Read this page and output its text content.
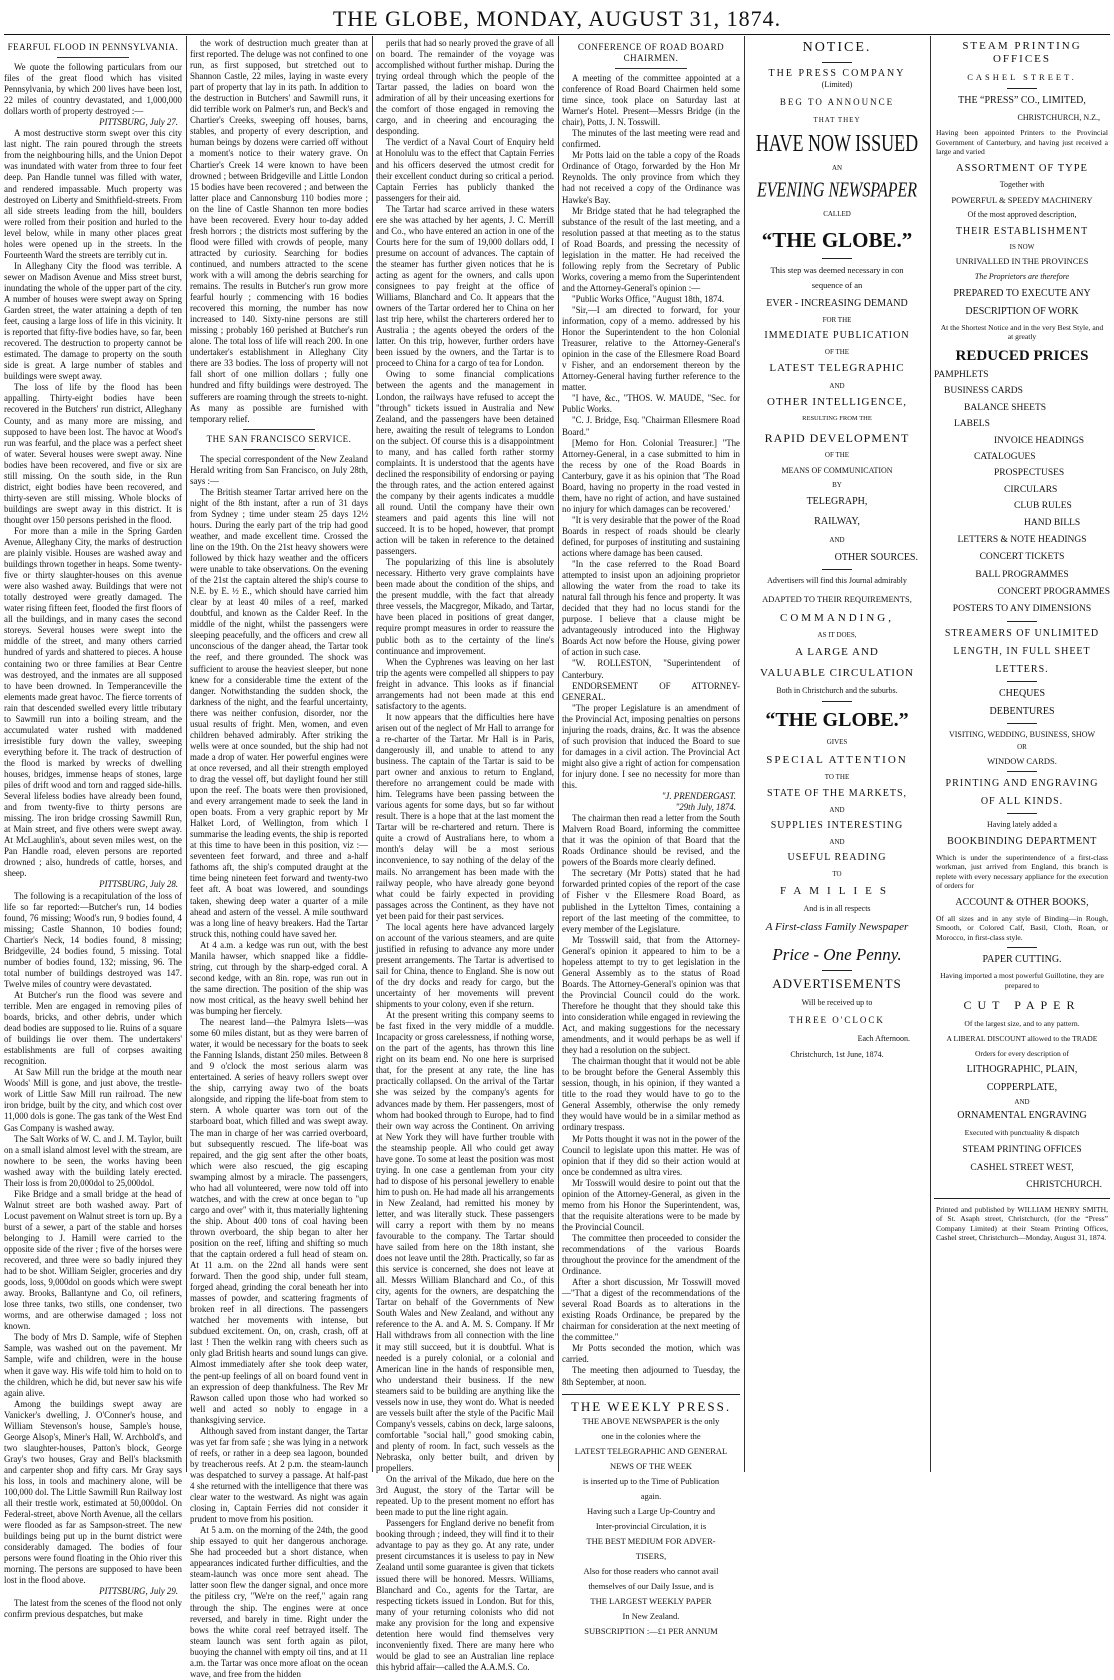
THE GLOBE, MONDAY, AUGUST 31, 1874.
FEARFUL FLOOD IN PENNSYLVANIA.

We quote the following particulars from our files of the great flood which has visited Pennsylvania, by which 200 lives have been lost, 22 miles of country devastated, and 1,000,000 dollars worth of property destroyed :—

PITTSBURG, July 27.

A most destructive storm swept over this city last night. The rain poured through the streets from the neighbouring hills, and the Union Depot was inundated with water from three to four feet deep. Pan Handle tunnel was filled with water, and rendered impassable. Much property was destroyed on Liberty and Smithfield-streets. From all side streets leading from the hill, boulders were rolled from their position and hurled to the level below, while in many other places great holes were opened up in the streets. In the Fourteenth Ward the streets are terribly cut in.

In Alleghany City the flood was terrible. A sewer on Madison Avenue and Miss street burst, inundating the whole of the upper part of the city. A number of houses were swept away on Spring Garden street, the water attaining a depth of ten feet, causing a large loss of life in this vicinity. It is reported that fifty-five bodies have, so far, been recovered. The destruction to property cannot be estimated. The damage to property on the south side is great. A large number of stables and buildings were swept away.

The loss of life by the flood has been appalling. Thirty-eight bodies have been recovered in the Butchers' run district, Alleghany County, and as many more are missing, and supposed to have been lost. The havoc at Wood's run was fearful, and the place was a perfect sheet of water. Several houses were swept away. Nine bodies have been recovered, and five or six are still missing. On the south side, in the Run district, eight bodies have been recovered, and thirty-seven are still missing. Whole blocks of buildings are swept away in this district. It is thought over 150 persons perished in the flood.

For more than a mile in the Spring Garden Avenue, Alleghany City, the marks of destruction are plainly visible. Houses are washed away and buildings thrown together in heaps. Some twenty-five or thirty slaughter-houses on this avenue were also washed away. Buildings that were not totally destroyed were greatly damaged. The water rising fifteen feet, flooded the first floors of all the buildings, and in many cases the second storeys. Several houses were swept into the middle of the street, and many others carried hundred of yards and shattered to pieces. A house containing two or three families at Bear Centre was destroyed, and the inmates are all supposed to have been drowned. In Temperanceville the elements made great havoc. The fierce torrents of rain that descended swelled every little tributary to Sawmill run into a boiling stream, and the accumulated water rushed with maddened irresistible fury down the valley, sweeping everything before it. The track of destruction of the flood is marked by wrecks of dwelling houses, bridges, immense heaps of stones, large piles of drift wood and torn and ragged side-hills. Several lifeless bodies have already been found, and from twenty-five to thirty persons are missing. The iron bridge crossing Sawmill Run, at Main street, and five others were swept away. At McLaughlin's, about seven miles west, on the Pan Handle road, eleven persons are reported drowned ; also, hundreds of cattle, horses, and sheep.

PITTSBURG, July 28.

The following is a recapitulation of the loss of life so far reported:—Butcher's run, 14 bodies found, 76 missing; Wood's run, 9 bodies found, 4 missing; Castle Shannon, 10 bodies found; Chartier's Neck, 14 bodies found, 8 missing; Bridgeville, 24 bodies found, 5 missing. Total number of bodies found, 132; missing, 96. The total number of buildings destroyed was 147. Twelve miles of country were devastated.

At Butcher's run the flood was severe and terrible. Men are engaged in removing piles of boards, bricks, and other debris, under which dead bodies are supposed to lie. Ruins of a square of buildings lie over them. The undertakers' establishments are full of corpses awaiting recognition.

At Saw Mill run the bridge at the mouth near Woods' Mill is gone, and just above, the trestle-work of Little Saw Mill run railroad. The new iron bridge, built by the city, and which cost over 11,000 dols is gone. The gas tank of the West End Gas Company is washed away.

The Salt Works of W. C. and J. M. Taylor, built on a small island almost level with the stream, are nowhere to be seen, the works having been washed away with the building lately erected. Their loss is from 20,000dol to 25,000dol.

Fike Bridge and a small bridge at the head of Walnut street are both washed away. Part of Locust pavement on Walnut street is torn up. By a burst of a sewer, a part of the stable and horses belonging to J. Hamill were carried to the opposite side of the river ; five of the horses were recovered, and three were so badly injured they had to be shot. William Seigler, groceries and dry goods, loss, 9,000dol on goods which were swept away. Brooks, Ballantyne and Co, oil refiners, lose three tanks, two stills, one condenser, two worms, and are otherwise damaged ; loss not known.

The body of Mrs D. Sample, wife of Stephen Sample, was washed out on the pavement. Mr Sample, wife and children, were in the house when it gave way. His wife told him to hold on to the children, which he did, but never saw his wife again alive.

Among the buildings swept away are Vanicker's dwelling, J. O'Conner's house, and William Stevenson's house, Sample's house, George Alsop's, Miner's Hall, W. Archbold's, and two slaughter-houses, Patton's block, George Gray's two houses, Gray and Bell's blacksmith and carpenter shop and fifty cars. Mr Gray says his loss, in tools and machinery alone, will be 100,000 dol. The Little Sawmill Run Railway lost all their trestle work, estimated at 50,000dol. On Federal-street, above North Avenue, all the cellars were flooded as far as Sampson-street. The new buildings being put up in the burnt district were considerably damaged. The bodies of four persons were found floating in the Ohio river this morning. The persons are supposed to have been lost in the flood above.

PITTSBURG, July 29.

The latest from the scenes of the flood not only confirm previous despatches, but make

the work of destruction much greater than at first reported. The deluge was not confined to one run, as first supposed, but stretched out to Shannon Castle, 22 miles, laying in waste every part of property that lay in its path. In addition to the destruction in Butchers' and Sawmill runs, it did terrible work on Palmer's run, and Beck's and Chartier's Creeks, sweeping off houses, barns, stables, and property of every description, and human beings by dozens were carried off without a moment's notice to their watery grave. On Chartier's Creek 14 were known to have been drowned ; between Bridgeville and Little London 15 bodies have been recovered ; and between the latter place and Cannonsburg 110 bodies more ; on the line of Castle Shannon ten more bodies have been recovered. Every hour to-day added fresh horrors ; the districts most suffering by the flood were filled with crowds of people, many attracted by curiosity. Searching for bodies continued, and numbers attracted to the scene work with a will among the debris searching for remains. The results in Butcher's run grow more fearful hourly ; commencing with 16 bodies recovered this morning, the number has now increased to 140. Sixty-nine persons are still missing ; probably 160 perished at Butcher's run alone. The total loss of life will reach 200. In one undertaker's establishment in Alleghany City there are 33 bodies. The loss of property will not fall short of one million dollars ; fully one hundred and fifty buildings were destroyed. The sufferers are roaming through the streets to-night. As many as possible are furnished with temporary relief.

THE SAN FRANCISCO SERVICE.

The special correspondent of the New Zealand Herald writing from San Francisco, on July 28th, says :—

The British steamer Tartar arrived here on the night of the 8th instant, after a run of 31 days from Sydney ; time under steam 25 days 12½ hours. During the early part of the trip had good weather, and made excellent time. Crossed the line on the 19th. On the 21st heavy showers were followed by thick hazy weather and the officers were unable to take observations. On the evening of the 21st the captain altered the ship's course to N.E. by E. ½ E., which should have carried him clear by at least 40 miles of a reef, marked doubtful, and known as the Calder Reef. In the middle of the night, whilst the passengers were sleeping peacefully, and the officers and crew all unconscious of the danger ahead, the Tartar took the reef, and there grounded. The shock was sufficient to arouse the heaviest sleeper, but none knew for a considerable time the extent of the danger. Notwithstanding the sudden shock, the darkness of the night, and the fearful uncertainty, there was neither confusion, disorder, nor the usual results of fright. Men, women, and even children behaved admirably. After striking the wells were at once sounded, but the ship had not made a drop of water. Her powerful engines were at once reversed, and all their strength employed to drag the vessel off, but daylight found her still upon the reef. The boats were then provisioned, and every arrangement made to seek the land in open boats. From a very graphic report by Mr Halket Lord, of Wellington, from which I summarise the leading events, the ship is reported at this time to have been in this position, viz :—seventeen feet forward, and three and a-half fathoms aft, the ship's computed draught at the time being nineteen feet forward and twenty-two feet aft. A boat was lowered, and soundings taken, shewing deep water a quarter of a mile ahead and astern of the vessel. A mile southward was a long line of heavy breakers. Had the Tartar struck this, nothing could have saved her.

At 4 a.m. a kedge was run out, with the best Manila hawser, which snapped like a fiddle-string, cut through by the sharp-edged coral. A second kedge, with an 8in. rope, was run out in the same direction. The position of the ship was now most critical, as the heavy swell behind her was bumping her fiercely.

The nearest land—the Palmyra Islets—was some 60 miles distant, but as they were barren of water, it would be necessary for the boats to seek the Fanning Islands, distant 250 miles. Between 8 and 9 o'clock the most serious alarm was entertained. A series of heavy rollers swept over the ship, carrying away two of the boats alongside, and ripping the life-boat from stem to stern. A whole quarter was torn out of the starboard boat, which filled and was swept away. The man in charge of her was carried overboard, but subsequently rescued. The life-boat was repaired, and the gig sent after the other boats, which were also rescued, the gig escaping swamping almost by a miracle. The passengers, who had all volunteered, were now told off into watches, and with the crew at once began to "up cargo and over" with it, thus materially lightening the ship. About 400 tons of coal having been thrown overboard, the ship began to alter her position on the reef, lifting and shifting so much that the captain ordered a full head of steam on. At 11 a.m. on the 22nd all hands were sent forward. Then the good ship, under full steam, forged ahead, grinding the coral beneath her into masses of powder, and scattering fragments of broken reef in all directions. The passengers watched her movements with intense, but subdued excitement. On, on, crash, crash, off at last ! Then the welkin rang with cheers such as only glad British hearts and sound lungs can give. Almost immediately after she took deep water, the pent-up feelings of all on board found vent in an expression of deep thankfulness. The Rev Mr Rawson called upon those who had worked so well and acted so nobly to engage in a thanksgiving service.

Although saved from instant danger, the Tartar was yet far from safe ; she was lying in a network of reefs, or rather in a deep sea lagoon, bounded by treacherous reefs. At 2 p.m. the steam-launch was despatched to survey a passage. At half-past 4 she returned with the intelligence that there was clear water to the westward. As night was again closing in, Captain Ferries did not consider it prudent to move from his position.

At 5 a.m. on the morning of the 24th, the good ship essayed to quit her dangerous anchorage. She had proceeded but a short distance, when appearances indicated further difficulties, and the steam-launch was once more sent ahead. The latter soon flew the danger signal, and once more the pitiless cry, "We're on the reef," again rang through the ship. The engines were at once reversed, and barely in time. Right under the bows the white coral reef betrayed itself. The steam launch was sent forth again as pilot, buoying the channel with empty oil tins, and at 11 a.m. the Tartar was once more afloat on the ocean wave, and free from the hidden

perils that had so nearly proved the grave of all on board. The remainder of the voyage was accomplished without further mishap. During the trying ordeal through which the people of the Tartar passed, the ladies on board won the admiration of all by their unceasing exertions for the comfort of those engaged in removing the cargo, and in cheering and encouraging the desponding.

The verdict of a Naval Court of Enquiry held at Honolulu was to the effect that Captain Ferries and his officers deserved the utmost credit for their excellent conduct during so critical a period. Captain Ferries has publicly thanked the passengers for their aid.

The Tartar had scarce arrived in these waters ere she was attached by her agents, J. C. Merrill and Co., who have entered an action in one of the Courts here for the sum of 19,000 dollars odd, I presume on account of advances. The captain of the steamer has further given notices that he is acting as agent for the owners, and calls upon consignees to pay freight at the office of Williams, Blanchard and Co. It appears that the owners of the Tartar ordered her to China on her last trip here, whilst the charterers ordered her to Australia ; the agents obeyed the orders of the latter. On this trip, however, further orders have been issued by the owners, and the Tartar is to proceed to China for a cargo of tea for London.

Owing to some financial complications between the agents and the management in London, the railways have refused to accept the "through" tickets issued in Australia and New Zealand, and the passengers have been detained here, awaiting the result of telegrams to London on the subject. Of course this is a disappointment to many, and has called forth rather stormy complaints. It is understood that the agents have declined the responsibility of endorsing or paying the through rates, and the action entered against the company by their agents indicates a muddle all round. Until the company have their own steamers and paid agents this line will not succeed. It is to be hoped, however, that prompt action will be taken in reference to the detained passengers.

The popularizing of this line is absolutely necessary. Hitherto very grave complaints have been made about the condition of the ships, and the present muddle, with the fact that already three vessels, the Macgregor, Mikado, and Tartar, have been placed in positions of great danger, require prompt measures in order to reassure the public both as to the certainty of the line's continuance and improvement.

When the Cyphrenes was leaving on her last trip the agents were compelled all shippers to pay freight in advance. This looks as if financial arrangements had not been made at this end satisfactory to the agents.

It now appears that the difficulties here have arisen out of the neglect of Mr Hall to arrange for a re-charter of the Tartar. Mr Hall is in Paris, dangerously ill, and unable to attend to any business. The captain of the Tartar is said to be part owner and anxious to return to England, therefore no arrangement could be made with him. Telegrams have been passing between the various agents for some days, but so far without result. There is a hope that at the last moment the Tartar will be re-chartered and return. There is quite a crowd of Australians here, to whom a month's delay will be a most serious inconvenience, to say nothing of the delay of the mails. No arrangement has been made with the railway people, who have already gone beyond what could be fairly expected in providing passages across the Continent, as they have not yet been paid for their past services.

The local agents here have advanced largely on account of the various steamers, and are quite justified in refusing to advance any more under present arrangements. The Tartar is advertised to sail for China, thence to England. She is now out of the dry docks and ready for cargo, but the uncertainty of her movements will prevent shipments to your colony, even if she return.

At the present writing this company seems to be fast fixed in the very middle of a muddle. Incapacity or gross carelessness, if nothing worse, on the part of the agents, has thrown this line right on its beam end. No one here is surprised that, for the present at any rate, the line has practically collapsed. On the arrival of the Tartar she was seized by the company's agents for advances made by them. Her passengers, most of whom had booked through to Europe, had to find their own way across the Continent. On arriving at New York they will have further trouble with the steamship people. All who could get away have gone. To some at least the position was most trying. In one case a gentleman from your city had to dispose of his personal jewellery to enable him to push on. He had made all his arrangements in New Zealand, had remitted his money by letter, and was literally stuck. These passengers will carry a report with them by no means favourable to the company. The Tartar should have sailed from here on the 18th instant, she does not leave until the 28th. Practically, so far as this service is concerned, she does not leave at all. Messrs William Blanchard and Co., of this city, agents for the owners, are despatching the Tartar on behalf of the Governments of New South Wales and New Zealand, and without any reference to the A. and A. M. S. Company. If Mr Hall withdraws from all connection with the line it may still succeed, but it is doubtful. What is needed is a purely colonial, or a colonial and American line in the hands of responsible men, who understand their business. If the new steamers said to be building are anything like the vessels now in use, they wont do. What is needed are vessels built after the style of the Pacific Mail Company's vessels, cabins on deck, large saloons, comfortable "social hall," good smoking cabin, and plenty of room. In fact, such vessels as the Nebraska, only better built, and driven by propellers.

On the arrival of the Mikado, due here on the 3rd August, the story of the Tartar will be repeated. Up to the present moment no effort has been made to put the line right again.

Passengers for England derive no benefit from booking through ; indeed, they will find it to their advantage to pay as they go. At any rate, under present circumstances it is useless to pay in New Zealand until some guarantee is given that tickets issued there will be honored. Messrs. Williams, Blanchard and Co., agents for the Tartar, are respecting tickets issued in London. But for this, many of your returning colonists who did not make any provision for the long and expensive detention here would find themselves very inconveniently fixed. There are many here who would be glad to see an Australian line replace this hybrid affair—called the A.A.M.S. Co.

CONFERENCE OF ROAD BOARD CHAIRMEN.

A meeting of the committee appointed at a conference of Road Board Chairmen held some time since, took place on Saturday last at Warner's Hotel. Present—Messrs Bridge (in the chair), Potts, J. N. Tosswill.

The minutes of the last meeting were read and confirmed.

Mr Potts laid on the table a copy of the Roads Ordinance of Otago, forwarded by the Hon Mr Reynolds. The only province from which they had not received a copy of the Ordinance was Hawke's Bay.

Mr Bridge stated that he had telegraphed the substance of the result of the last meeting, and a resolution passed at that meeting as to the status of Road Boards, and pressing the necessity of legislation in the matter. He had received the following reply from the Secretary of Public Works, covering a memo from the Superintendent and the Attorney-General's opinion :—

"Public Works Office, "August 18th, 1874.

"Sir,—I am directed to forward, for your information, copy of a memo. addressed by his Honor the Superintendent to the hon Colonial Treasurer, relative to the Attorney-General's opinion in the case of the Ellesmere Road Board v Fisher, and an endorsement thereon by the Attorney-General having further reference to the matter.

"I have, &c., "THOS. W. MAUDE, "Sec. for Public Works.

"C. J. Bridge, Esq. "Chairman Ellesmere Road Board."

[Memo for Hon. Colonial Treasurer.] "The Attorney-General, in a case submitted to him in the recess by one of the Road Boards in Canterbury, gave it as his opinion that 'The Road Board, having no property in the road vested in them, have no right of action, and have sustained no injury for which damages can be recovered.'

"It is very desirable that the power of the Road Boards in respect of roads should be clearly defined, for purposes of instituting and sustaining actions where damage has been caused.

"In the case referred to the Road Board attempted to insist upon an adjoining proprietor allowing the water from the road to take its natural fall through his fence and property. It was decided that they had no locus standi for the purpose. I believe that a clause might be advantageously introduced into the Highway Boards Act now before the House, giving power of action in such case.

"W. ROLLESTON, "Superintendent of Canterbury.

ENDORSEMENT OF ATTORNEY-GENERAL.

"The proper Legislature is an amendment of the Provincial Act, imposing penalties on persons injuring the roads, drains, &c. It was the absence of such provision that induced the Board to sue for damages in a civil action. The Provincial Act might also give a right of action for compensation for injury done. I see no necessity for more than this.

"J. PRENDERGAST.

"29th July, 1874.

The chairman then read a letter from the South Malvern Road Board, informing the committee that it was the opinion of that Board that the Roads Ordinance should be revised, and the powers of the Boards more clearly defined.

The secretary (Mr Potts) stated that he had forwarded printed copies of the report of the case of Fisher v the Ellesmere Road Board, as published in the Lyttelton Times, containing a report of the last meeting of the committee, to every member of the Legislature.

Mr Tosswill said, that from the Attorney-General's opinion it appeared to him to be a hopeless attempt to try to get legislation in the General Assembly as to the status of Road Boards. The Attorney-General's opinion was that the Provincial Council could do the work. Therefore he thought that they should take this into consideration while engaged in reviewing the Act, and making suggestions for the necessary amendments, and it would perhaps be as well if they had a resolution on the subject.

The chairman thought that it would not be able to be brought before the General Assembly this session, though, in his opinion, if they wanted a title to the road they would have to go to the General Assembly, otherwise the only remedy they would have would be in a similar method as ordinary trespass.

Mr Potts thought it was not in the power of the Council to legislate upon this matter. He was of opinion that if they did so their action would at once be condemned as ultra vires.

Mr Tosswill would desire to point out that the opinion of the Attorney-General, as given in the memo from his Honor the Superintendent, was, that the requisite alterations were to be made by the Provincial Council.

The committee then proceeded to consider the recommendations of the various Boards throughout the province for the amendment of the Ordinance.

After a short discussion, Mr Tosswill moved—"That a digest of the recommendations of the several Road Boards as to alterations in the existing Roads Ordinance, be prepared by the chairman for consideration at the next meeting of the committee."

Mr Potts seconded the motion, which was carried.

The meeting then adjourned to Tuesday, the 8th September, at noon.

THE WEEKLY PRESS.
THE ABOVE NEWSPAPER is the only
one in the colonies where the
LATEST TELEGRAPHIC AND GENERAL
NEWS OF THE WEEK
is inserted up to the Time of Publication
again.
Having such a Large Up-Country and
Inter-provincial Circulation, it is
THE BEST MEDIUM FOR ADVER-
TISERS,
Also for those readers who cannot avail
themselves of our Daily Issue, and is
THE LARGEST WEEKLY PAPER
In New Zealand.
SUBSCRIPTION :—£1 PER ANNUM
NOTICE.
THE PRESS COMPANY
(Limited)
BEG TO ANNOUNCE
THAT THEY
HAVE NOW ISSUED
AN
EVENING NEWSPAPER
CALLED
“THE GLOBE.”
This step was deemed necessary in con
sequence of an
EVER - INCREASING DEMAND
FOR THE
IMMEDIATE PUBLICATION
OF THE
LATEST TELEGRAPHIC
AND
OTHER INTELLIGENCE,
RESULTING FROM THE
RAPID DEVELOPMENT
OF THE
MEANS OF COMMUNICATION
BY
TELEGRAPH,
RAILWAY,
AND
OTHER SOURCES.
Advertisers will find this Journal admirably
ADAPTED TO THEIR REQUIREMENTS,
COMMANDING,
AS IT DOES,
A LARGE AND
VALUABLE CIRCULATION
Both in Christchurch and the suburbs.
“THE GLOBE.”
GIVES
SPECIAL ATTENTION
TO THE
STATE OF THE MARKETS,
AND
SUPPLIES INTERESTING
AND
USEFUL READING
TO
FAMILIES
And is in all respects
A First-class Family Newspaper
Price - One Penny.
ADVERTISEMENTS
Will be received up to
THREE O'CLOCK
Each Afternoon.
Christchurch, 1st June, 1874.
STEAM PRINTING OFFICES
CASHEL STREET.
THE “PRESS” CO., LIMITED,
CHRISTCHURCH, N.Z.,
Having been appointed Printers to the Provincial Government of Canterbury, and having just received a large and varied
ASSORTMENT OF TYPE
Together with
POWERFUL & SPEEDY MACHINERY
Of the most approved description,
THEIR ESTABLISHMENT
IS NOW
UNRIVALLED IN THE PROVINCES
The Proprietors are therefore
PREPARED TO EXECUTE ANY
DESCRIPTION OF WORK
At the Shortest Notice and in the very Best Style, and at greatly
REDUCED PRICES
PAMPHLETS
BUSINESS CARDS
BALANCE SHEETS
LABELS
INVOICE HEADINGS
CATALOGUES
PROSPECTUSES
CIRCULARS
CLUB RULES
HAND BILLS
LETTERS & NOTE HEADINGS
CONCERT TICKETS
BALL PROGRAMMES
CONCERT PROGRAMMES
POSTERS TO ANY DIMENSIONS
STREAMERS OF UNLIMITED
LENGTH, IN FULL SHEET
LETTERS.
CHEQUES
DEBENTURES
VISITING, WEDDING, BUSINESS, SHOW
OR
WINDOW CARDS.
PRINTING AND ENGRAVING
OF ALL KINDS.
Having lately added a
BOOKBINDING DEPARTMENT
Which is under the superintendence of a first-class workman, just arrived from England, this branch is replete with every necessary appliance for the execution of orders for
ACCOUNT & OTHER BOOKS,
Of all sizes and in any style of Binding—in Rough, Smooth, or Colored Calf, Basil, Cloth, Roan, or Morocco, in first-class style.
PAPER CUTTING.
Having imported a most powerful Guillotine, they are prepared to
CUT PAPER
Of the largest size, and to any pattern.
A LIBERAL DISCOUNT allowed to the TRADE
Orders for every description of
LITHOGRAPHIC, PLAIN,
COPPERPLATE,
AND
ORNAMENTAL ENGRAVING
Executed with punctuality & dispatch
STEAM PRINTING OFFICES
CASHEL STREET WEST,
CHRISTCHURCH.
Printed and published by WILLIAM HENRY SMITH, of St. Asaph street, Christchurch, (for the “Press” Company Limited) at their Steam Printing Offices, Cashel street, Christchurch—Monday, August 31, 1874.
